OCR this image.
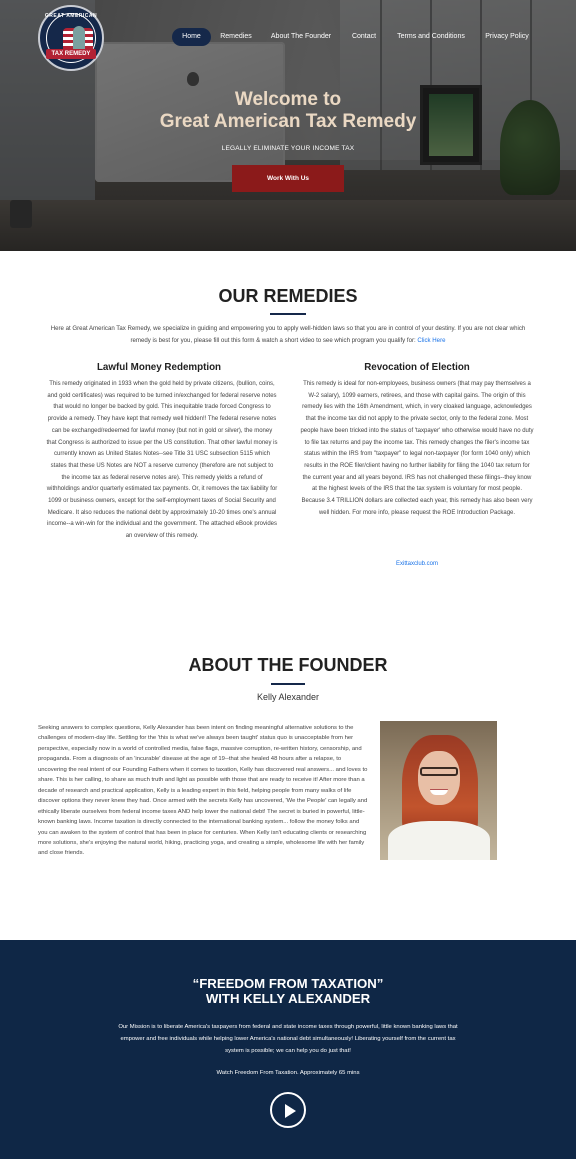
GREAT AMERICAN
TAX REMEDY
Home	Remedies	About The Founder	Contact	Terms and Conditions	Privacy Policy
Welcome to
Great American Tax Remedy
LEGALLY ELIMINATE YOUR INCOME TAX
Work With Us
OUR REMEDIES
Here at Great American Tax Remedy, we specialize in guiding and empowering you to apply well-hidden laws so that you are in control of your destiny. If you are not clear which remedy is best for you, please fill out this form & watch a short video to see which program you qualify for: Click Here
Lawful Money Redemption
This remedy originated in 1933 when the gold held by private citizens, (bullion, coins, and gold certificates) was required to be turned in/exchanged for federal reserve notes that would no longer be backed by gold. This inequitable trade forced Congress to provide a remedy. They have kept that remedy well hidden!! The federal reserve notes can be exchanged/redeemed for lawful money (but not in gold or silver), the money that Congress is authorized to issue per the US constitution. That other lawful money is currently known as United States Notes--see Title 31 USC subsection 5115 which states that these US Notes are NOT a reserve currency (therefore are not subject to the income tax as federal reserve notes are). This remedy yields a refund of withholdings and/or quarterly estimated tax payments. Or, it removes the tax liability for 1099 or business owners, except for the self-employment taxes of Social Security and Medicare. It also reduces the national debt by approximately 10-20 times one's annual income--a win-win for the individual and the government. The attached eBook provides an overview of this remedy.
Revocation of Election
This remedy is ideal for non-employees, business owners (that may pay themselves a W-2 salary), 1099 earners, retirees, and those with capital gains. The origin of this remedy lies with the 16th Amendment, which, in very cloaked language, acknowledges that the income tax did not apply to the private sector, only to the federal zone. Most people have been tricked into the status of 'taxpayer' who otherwise would have no duty to file tax returns and pay the income tax. This remedy changes the filer's income tax status within the IRS from "taxpayer" to legal non-taxpayer (for form 1040 only) which results in the ROE filer/client having no further liability for filing the 1040 tax return for the current year and all years beyond. IRS has not challenged these filings--they know at the highest levels of the IRS that the tax system is voluntary for most people. Because 3.4 TRILLION dollars are collected each year, this remedy has also been very well hidden. For more info, please request the ROE Introduction Package.
Exittaxclub.com
ABOUT THE FOUNDER
Kelly Alexander
Seeking answers to complex questions, Kelly Alexander has been intent on finding meaningful alternative solutions to the challenges of modern-day life. Settling for the 'this is what we've always been taught' status quo is unacceptable from her perspective, especially now in a world of controlled media, false flags, massive corruption, re-written history, censorship, and propaganda. From a diagnosis of an 'incurable' disease at the age of 19--that she healed 48 hours after a relapse, to uncovering the real intent of our Founding Fathers when it comes to taxation, Kelly has discovered real answers... and loves to share. This is her calling, to share as much truth and light as possible with those that are ready to receive it! After more than a decade of research and practical application, Kelly is a leading expert in this field, helping people from many walks of life discover options they never knew they had. Once armed with the secrets Kelly has uncovered, 'We the People' can legally and ethically liberate ourselves from federal income taxes AND help lower the national debt! The secret is buried in powerful, little-known banking laws. Income taxation is directly connected to the international banking system... follow the money folks and you can awaken to the system of control that has been in place for centuries. When Kelly isn't educating clients or researching more solutions, she's enjoying the natural world, hiking, practicing yoga, and creating a simple, wholesome life with her family and close friends.
“FREEDOM FROM TAXATION”
WITH KELLY ALEXANDER
Our Mission is to liberate America's taxpayers from federal and state income taxes through powerful, little known banking laws that empower and free individuals while helping lower America's national debt simultaneously! Liberating yourself from the current tax system is possible; we can help you do just that!
Watch Freedom From Taxation. Approximately 65 mins
